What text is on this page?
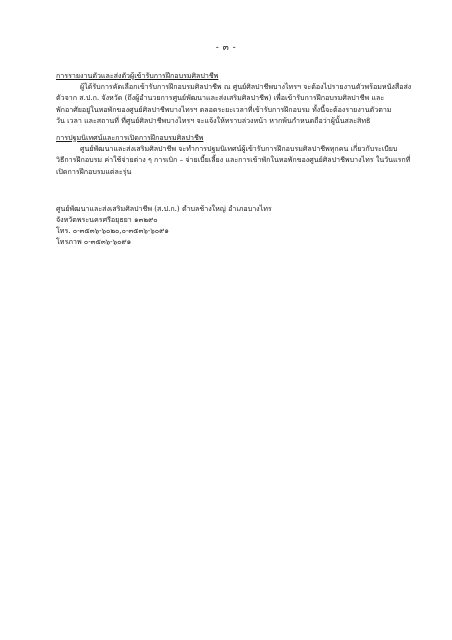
- ๓ -

การรายงานตัวและส่งตัวผู้เข้ารับการฝึกอบรมศิลปาชีพ

ผู้ได้รับการคัดเลือกเข้ารับการฝึกอบรมศิลปาชีพ ณ ศูนย์ศิลปาชีพบางไทรฯ จะต้องไปรายงานตัวพร้อมหนังสือส่ง
ตัวจาก ส.ป.ก. จังหวัด (ถึงผู้อำนวยการศูนย์พัฒนาและส่งเสริมศิลปาชีพ) เพื่อเข้ารับการฝึกอบรมศิลปาชีพ และ
พักอาศัยอยู่ในหอพักของศูนย์ศิลปาชีพบางไทรฯ ตลอดระยะเวลาที่เข้ารับการฝึกอบรม ทั้งนี้จะต้องรายงานตัวตาม
วัน เวลา และสถานที่ ที่ศูนย์ศิลปาชีพบางไทรฯ จะแจ้งให้ทราบล่วงหน้า หากพ้นกำหนดถือว่าผู้นั้นสละสิทธิ

การปฐมนิเทศน์และการเปิดการฝึกอบรมศิลปาชีพ

ศูนย์พัฒนาและส่งเสริมศิลปาชีพ จะทำการปฐมนิเทศน์ผู้เข้ารับการฝึกอบรมศิลปาชีพทุกคน เกี่ยวกับระเบียบ
วิธีการฝึกอบรม ค่าใช้จ่ายต่าง ๆ การเบิก – จ่ายเบี้ยเลี้ยง และการเข้าพักในหอพักของศูนย์ศิลปาชีพบางไทร ในวันแรกที่
เปิดการฝึกอบรมแต่ละรุ่น
ศูนย์พัฒนาและส่งเสริมศิลปาชีพ (ส.ป.ก.) ตำบลช้างใหญ่ อำเภอบางไทร
จังหวัดพระนครศรีอยุธยา ๑๓๒๙๐
โทร. ๐-๓๕๓๖-๖๐๒๐,๐-๓๕๓๖-๖๐๙๑
โทรภาพ ๐-๓๕๓๖-๖๐๙๑
